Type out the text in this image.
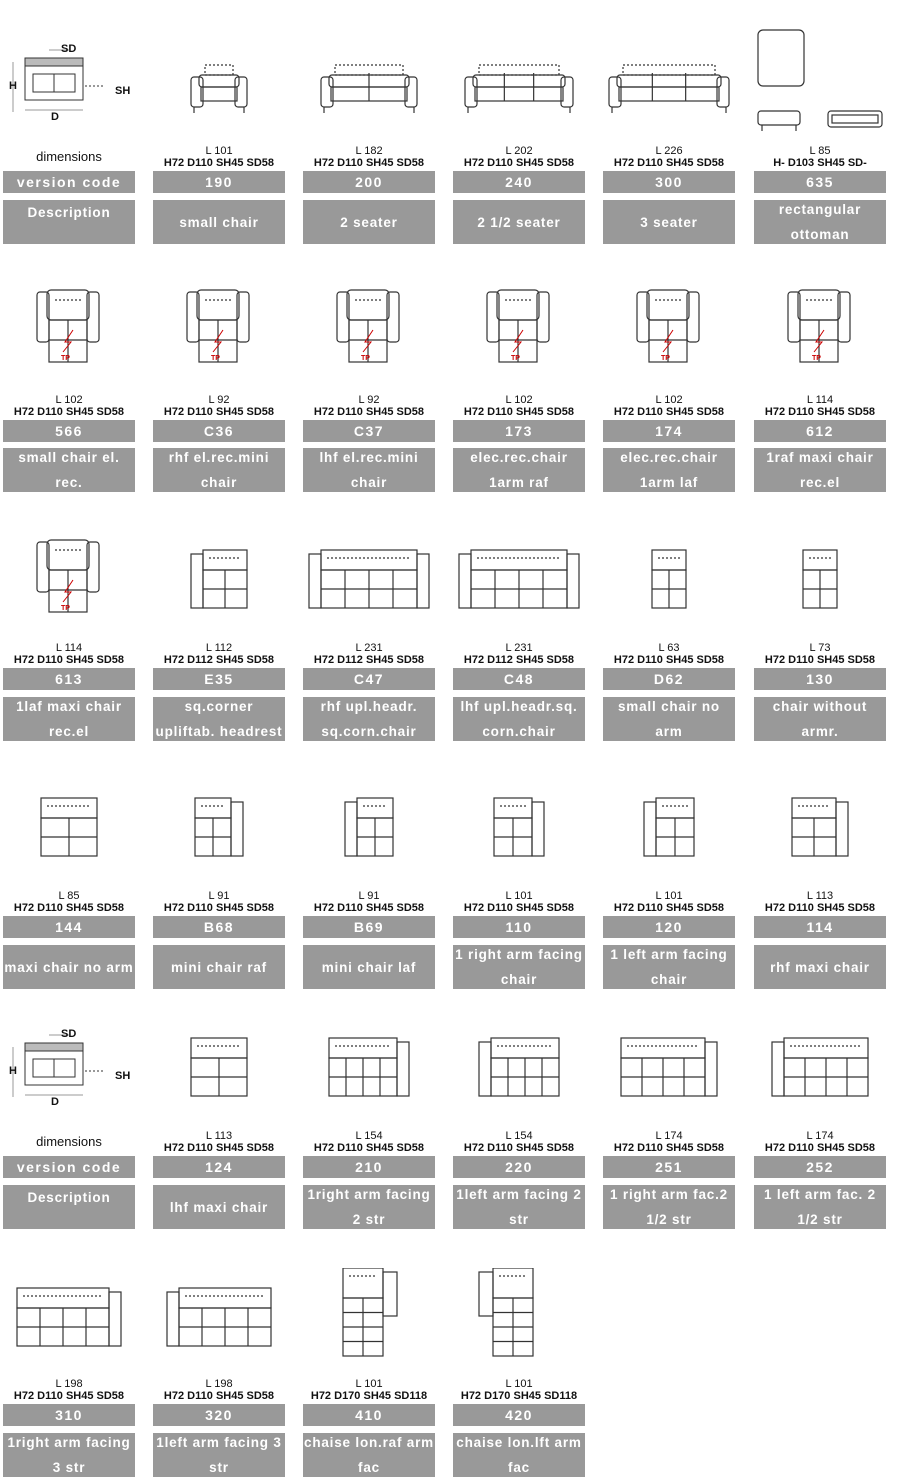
SD
H	SH
D
dimensions
version code
Description
SD
H	SH
D
dimensions
version code
Description
L 101
H72 D110 SH45 SD58
190
small chair
L 182
H72 D110 SH45 SD58
200
2 seater
L 202
H72 D110 SH45 SD58
240
2 1/2 seater
L 226
H72 D110 SH45 SD58
300
3 seater
L 85
H- D103 SH45 SD-
635
rectangular ottoman
TP
L 102
H72 D110 SH45 SD58
566
small chair el. rec.
TP
L 92
H72 D110 SH45 SD58
C36
rhf el.rec.mini chair
TP
L 92
H72 D110 SH45 SD58
C37
lhf el.rec.mini chair
TP
L 102
H72 D110 SH45 SD58
173
elec.rec.chair 1arm raf
TP
L 102
H72 D110 SH45 SD58
174
elec.rec.chair 1arm laf
TP
L 114
H72 D110 SH45 SD58
612
1raf maxi chair rec.el
TP
L 114
H72 D110 SH45 SD58
613
1laf maxi chair rec.el
L 112
H72 D112 SH45 SD58
E35
sq.corner upliftab. headrest
L 231
H72 D112 SH45 SD58
C47
rhf upl.headr. sq.corn.chair
L 231
H72 D112 SH45 SD58
C48
lhf upl.headr.sq. corn.chair
L 63
H72 D110 SH45 SD58
D62
small chair no arm
L 73
H72 D110 SH45 SD58
130
chair without armr.
L 85
H72 D110 SH45 SD58
144
maxi chair no arm
L 91
H72 D110 SH45 SD58
B68
mini chair raf
L 91
H72 D110 SH45 SD58
B69
mini chair laf
L 101
H72 D110 SH45 SD58
110
1 right arm facing chair
L 101
H72 D110 SH45 SD58
120
1 left arm facing chair
L 113
H72 D110 SH45 SD58
114
rhf maxi chair
L 113
H72 D110 SH45 SD58
124
lhf maxi chair
L 154
H72 D110 SH45 SD58
210
1right arm facing 2 str
L 154
H72 D110 SH45 SD58
220
1left arm facing 2 str
L 174
H72 D110 SH45 SD58
251
1 right arm fac.2 1/2 str
L 174
H72 D110 SH45 SD58
252
1 left arm fac. 2 1/2 str
L 198
H72 D110 SH45 SD58
310
1right arm facing 3 str
L 198
H72 D110 SH45 SD58
320
1left arm facing 3 str
L 101
H72 D170 SH45 SD118
410
chaise lon.raf arm fac
L 101
H72 D170 SH45 SD118
420
chaise lon.lft arm fac
